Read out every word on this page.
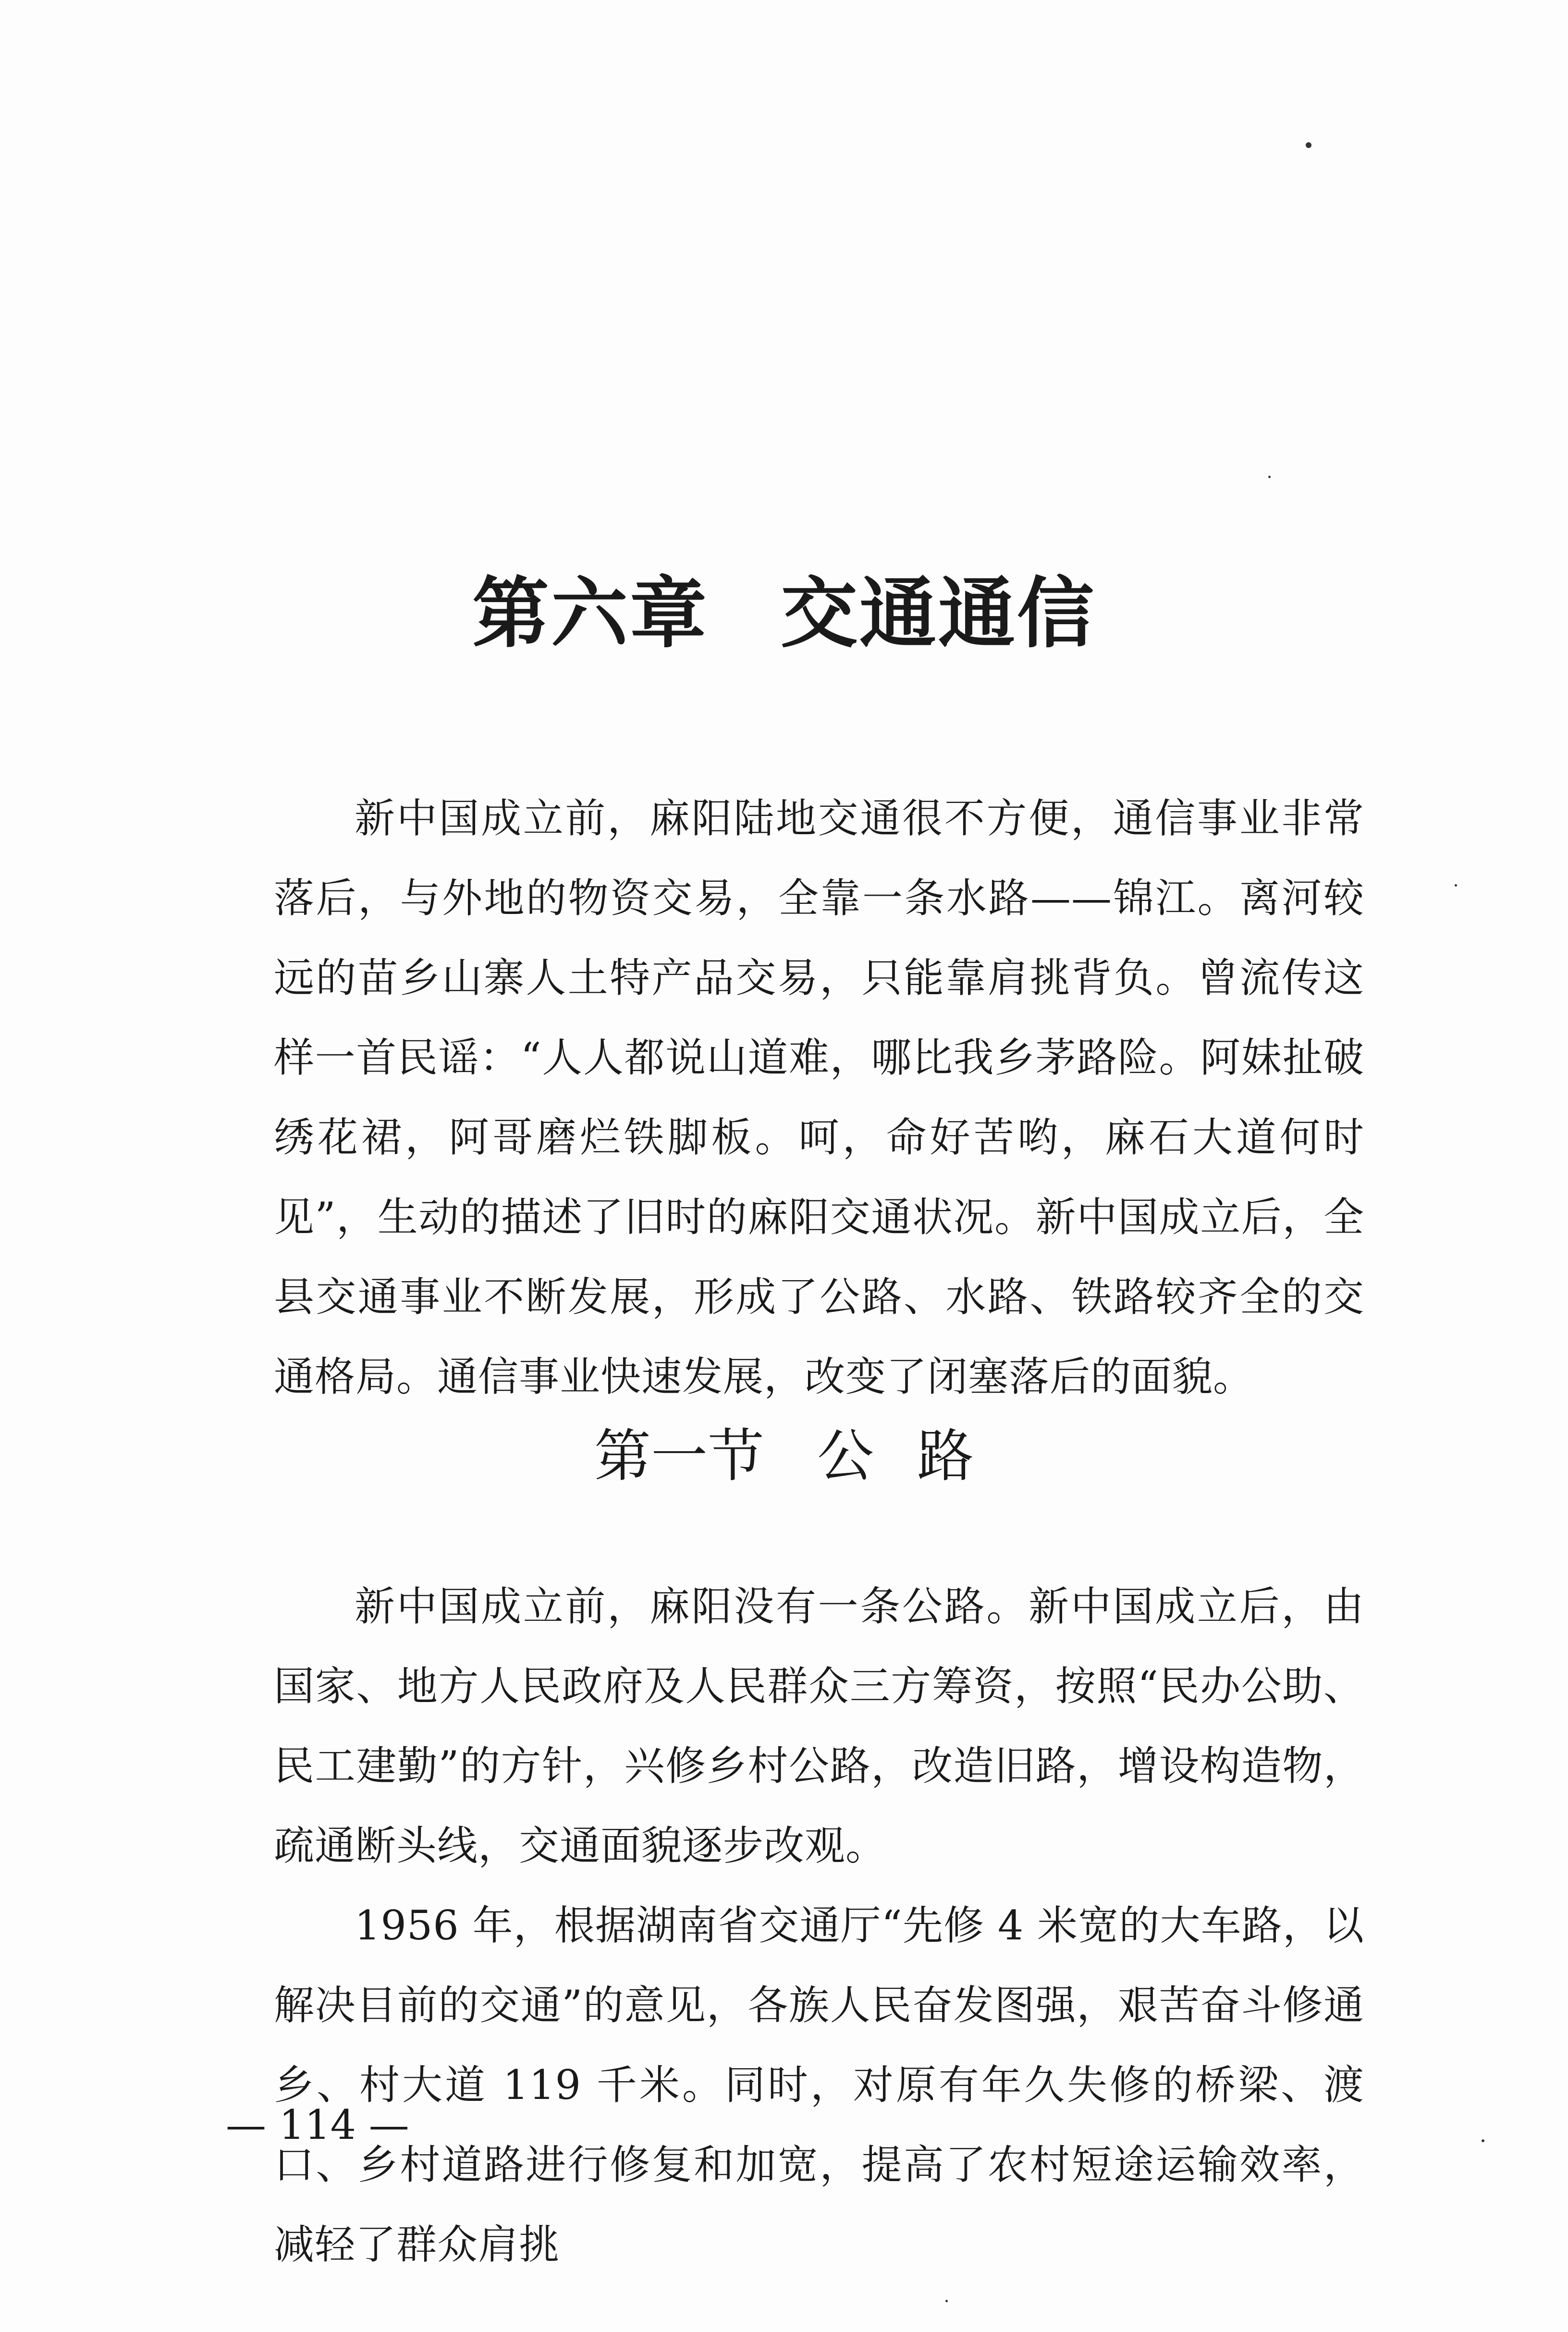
第六章 交通通信

新中国成立前，麻阳陆地交通很不方便，通信事业非常落后，与外地的物资交易，全靠一条水路——锦江。离河较远的苗乡山寨人土特产品交易，只能靠肩挑背负。曾流传这样一首民谣：“人人都说山道难，哪比我乡茅路险。阿妹扯破绣花裙，阿哥磨烂铁脚板。呵，命好苦哟，麻石大道何时见”，生动的描述了旧时的麻阳交通状况。新中国成立后，全县交通事业不断发展，形成了公路、水路、铁路较齐全的交通格局。通信事业快速发展，改变了闭塞落后的面貌。

第一节 公 路

新中国成立前，麻阳没有一条公路。新中国成立后，由国家、地方人民政府及人民群众三方筹资，按照“民办公助、民工建勤”的方针，兴修乡村公路，改造旧路，增设构造物，疏通断头线，交通面貌逐步改观。

1956 年，根据湖南省交通厅“先修 4 米宽的大车路，以解决目前的交通”的意见，各族人民奋发图强，艰苦奋斗修通乡、村大道 119 千米。同时，对原有年久失修的桥梁、渡口、乡村道路进行修复和加宽，提高了农村短途运输效率，减轻了群众肩挑

— 114 —
